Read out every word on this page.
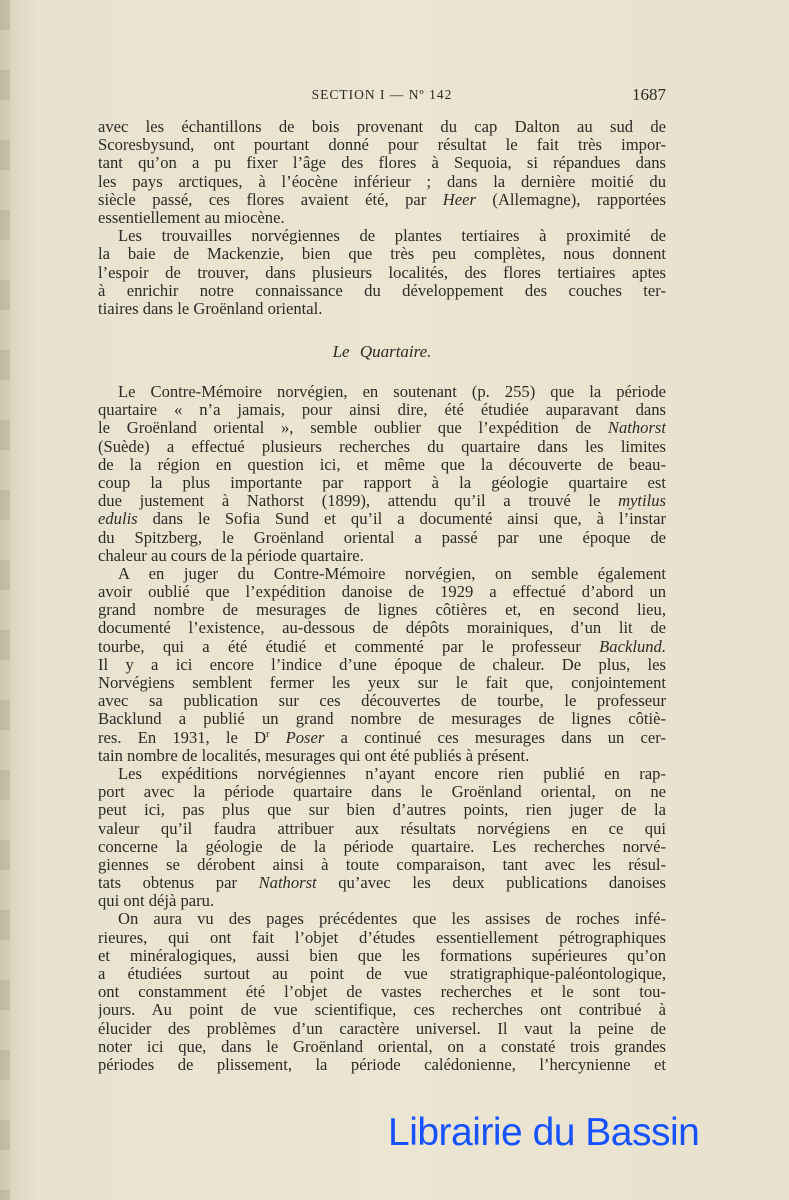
SECTION I — Nº 142	1687
avec les échantillons de bois provenant du cap Dalton au sud de
Scoresbysund, ont pourtant donné pour résultat le fait très impor-
tant qu’on a pu fixer l’âge des flores à Sequoia, si répandues dans
les pays arctiques, à l’éocène inférieur ; dans la dernière moitié du
siècle passé, ces flores avaient été, par Heer (Allemagne), rapportées
essentiellement au miocène.
Les trouvailles norvégiennes de plantes tertiaires à proximité de
la baie de Mackenzie, bien que très peu complètes, nous donnent
l’espoir de trouver, dans plusieurs localités, des flores tertiaires aptes
à enrichir notre connaissance du développement des couches ter-
tiaires dans le Groënland oriental.
Le Quartaire.
Le Contre-Mémoire norvégien, en soutenant (p. 255) que la période
quartaire « n’a jamais, pour ainsi dire, été étudiée auparavant dans
le Groënland oriental », semble oublier que l’expédition de Nathorst
(Suède) a effectué plusieurs recherches du quartaire dans les limites
de la région en question ici, et même que la découverte de beau-
coup la plus importante par rapport à la géologie quartaire est
due justement à Nathorst (1899), attendu qu’il a trouvé le mytilus
edulis dans le Sofia Sund et qu’il a documenté ainsi que, à l’instar
du Spitzberg, le Groënland oriental a passé par une époque de
chaleur au cours de la période quartaire.
A en juger du Contre-Mémoire norvégien, on semble également
avoir oublié que l’expédition danoise de 1929 a effectué d’abord un
grand nombre de mesurages de lignes côtières et, en second lieu,
documenté l’existence, au-dessous de dépôts morainiques, d’un lit de
tourbe, qui a été étudié et commenté par le professeur Backlund.
Il y a ici encore l’indice d’une époque de chaleur. De plus, les
Norvégiens semblent fermer les yeux sur le fait que, conjointement
avec sa publication sur ces découvertes de tourbe, le professeur
Backlund a publié un grand nombre de mesurages de lignes côtiè-
res. En 1931, le $D^r$ Poser a continué ces mesurages dans un cer-
tain nombre de localités, mesurages qui ont été publiés à présent.
Les expéditions norvégiennes n’ayant encore rien publié en rap-
port avec la période quartaire dans le Groënland oriental, on ne
peut ici, pas plus que sur bien d’autres points, rien juger de la
valeur qu’il faudra attribuer aux résultats norvégiens en ce qui
concerne la géologie de la période quartaire. Les recherches norvé-
giennes se dérobent ainsi à toute comparaison, tant avec les résul-
tats obtenus par Nathorst qu’avec les deux publications danoises
qui ont déjà paru.
On aura vu des pages précédentes que les assises de roches infé-
rieures, qui ont fait l’objet d’études essentiellement pétrographiques
et minéralogiques, aussi bien que les formations supérieures qu’on
a étudiées surtout au point de vue stratigraphique-paléontologique,
ont constamment été l’objet de vastes recherches et le sont tou-
jours. Au point de vue scientifique, ces recherches ont contribué à
élucider des problèmes d’un caractère universel. Il vaut la peine de
noter ici que, dans le Groënland oriental, on a constaté trois grandes
périodes de plissement, la période calédonienne, l’hercynienne et
Librairie du Bassin
